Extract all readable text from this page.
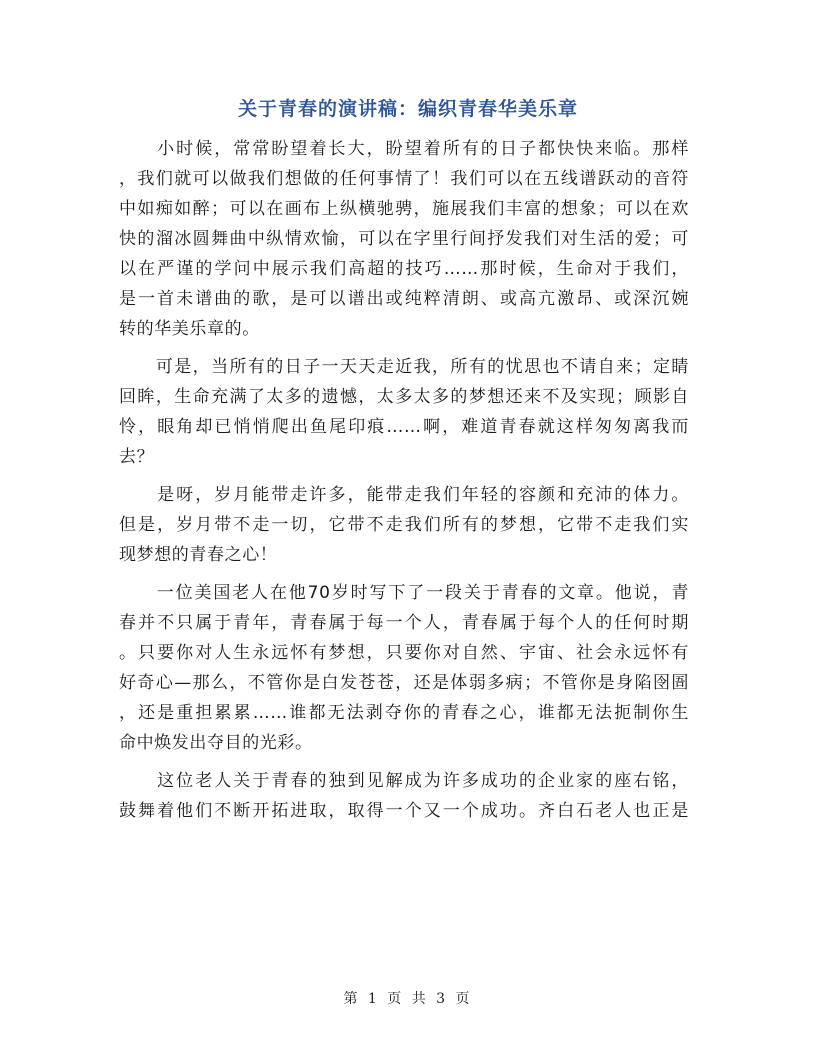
关于青春的演讲稿：编织青春华美乐章
　　小时候，常常盼望着长大，盼望着所有的日子都快快来临。那样
，我们就可以做我们想做的任何事情了！我们可以在五线谱跃动的音符
中如痴如醉；可以在画布上纵横驰骋，施展我们丰富的想象；可以在欢
快的溜冰圆舞曲中纵情欢愉，可以在字里行间抒发我们对生活的爱；可
以在严谨的学问中展示我们高超的技巧……那时候，生命对于我们，
是一首未谱曲的歌，是可以谱出或纯粹清朗、或高亢激昂、或深沉婉
转的华美乐章的。
　　可是，当所有的日子一天天走近我，所有的忧思也不请自来；定睛
回眸，生命充满了太多的遗憾，太多太多的梦想还来不及实现；顾影自
怜，眼角却已悄悄爬出鱼尾印痕……啊，难道青春就这样匆匆离我而
去？
　　是呀，岁月能带走许多，能带走我们年轻的容颜和充沛的体力。
但是，岁月带不走一切，它带不走我们所有的梦想，它带不走我们实
现梦想的青春之心！
　　一位美国老人在他70岁时写下了一段关于青春的文章。他说，青
春并不只属于青年，青春属于每一个人，青春属于每个人的任何时期
。只要你对人生永远怀有梦想，只要你对自然、宇宙、社会永远怀有
好奇心—那么，不管你是白发苍苍，还是体弱多病；不管你是身陷囹圄
，还是重担累累……谁都无法剥夺你的青春之心，谁都无法扼制你生
命中焕发出夺目的光彩。
　　这位老人关于青春的独到见解成为许多成功的企业家的座右铭，
鼓舞着他们不断开拓进取，取得一个又一个成功。齐白石老人也正是
第 1 页 共 3 页
